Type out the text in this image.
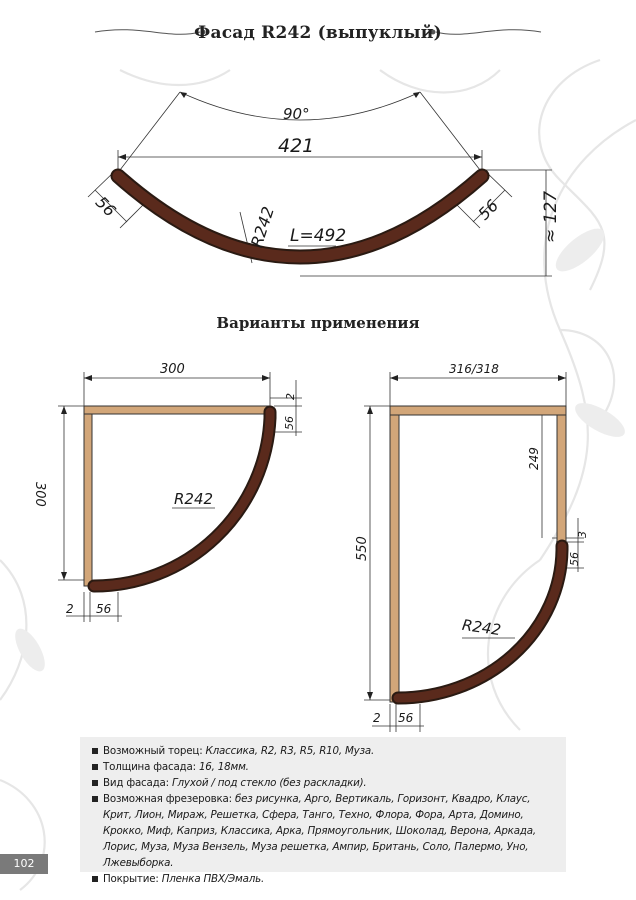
Фасад R242 (выпуклый)
90°
421
56	56
R242 L=492	≈ 127
Варианты применения
300
300
2
56
R242
2 56
316/318
550
249
3
56
R242
2 56
Возможный торец: Классика, R2, R3, R5, R10, Муза.
Толщина фасада: 16, 18мм.
Вид фасада: Глухой / под стекло (без раскладки).
Возможная фрезеровка: без рисунка, Арго, Вертикаль, Горизонт, Квадро, Клаус, Крит, Лион, Мираж, Решетка, Сфера, Танго, Техно, Флора, Фора, Арта, Домино, Крокко, Миф, Каприз, Классика, Арка, Прямоугольник, Шоколад, Верона, Аркада, Лорис, Муза, Муза Вензель, Муза решетка, Ампир, Британь, Соло, Палермо, Уно, Лжевыборка.
Покрытие: Пленка ПВХ/Эмаль.
102
